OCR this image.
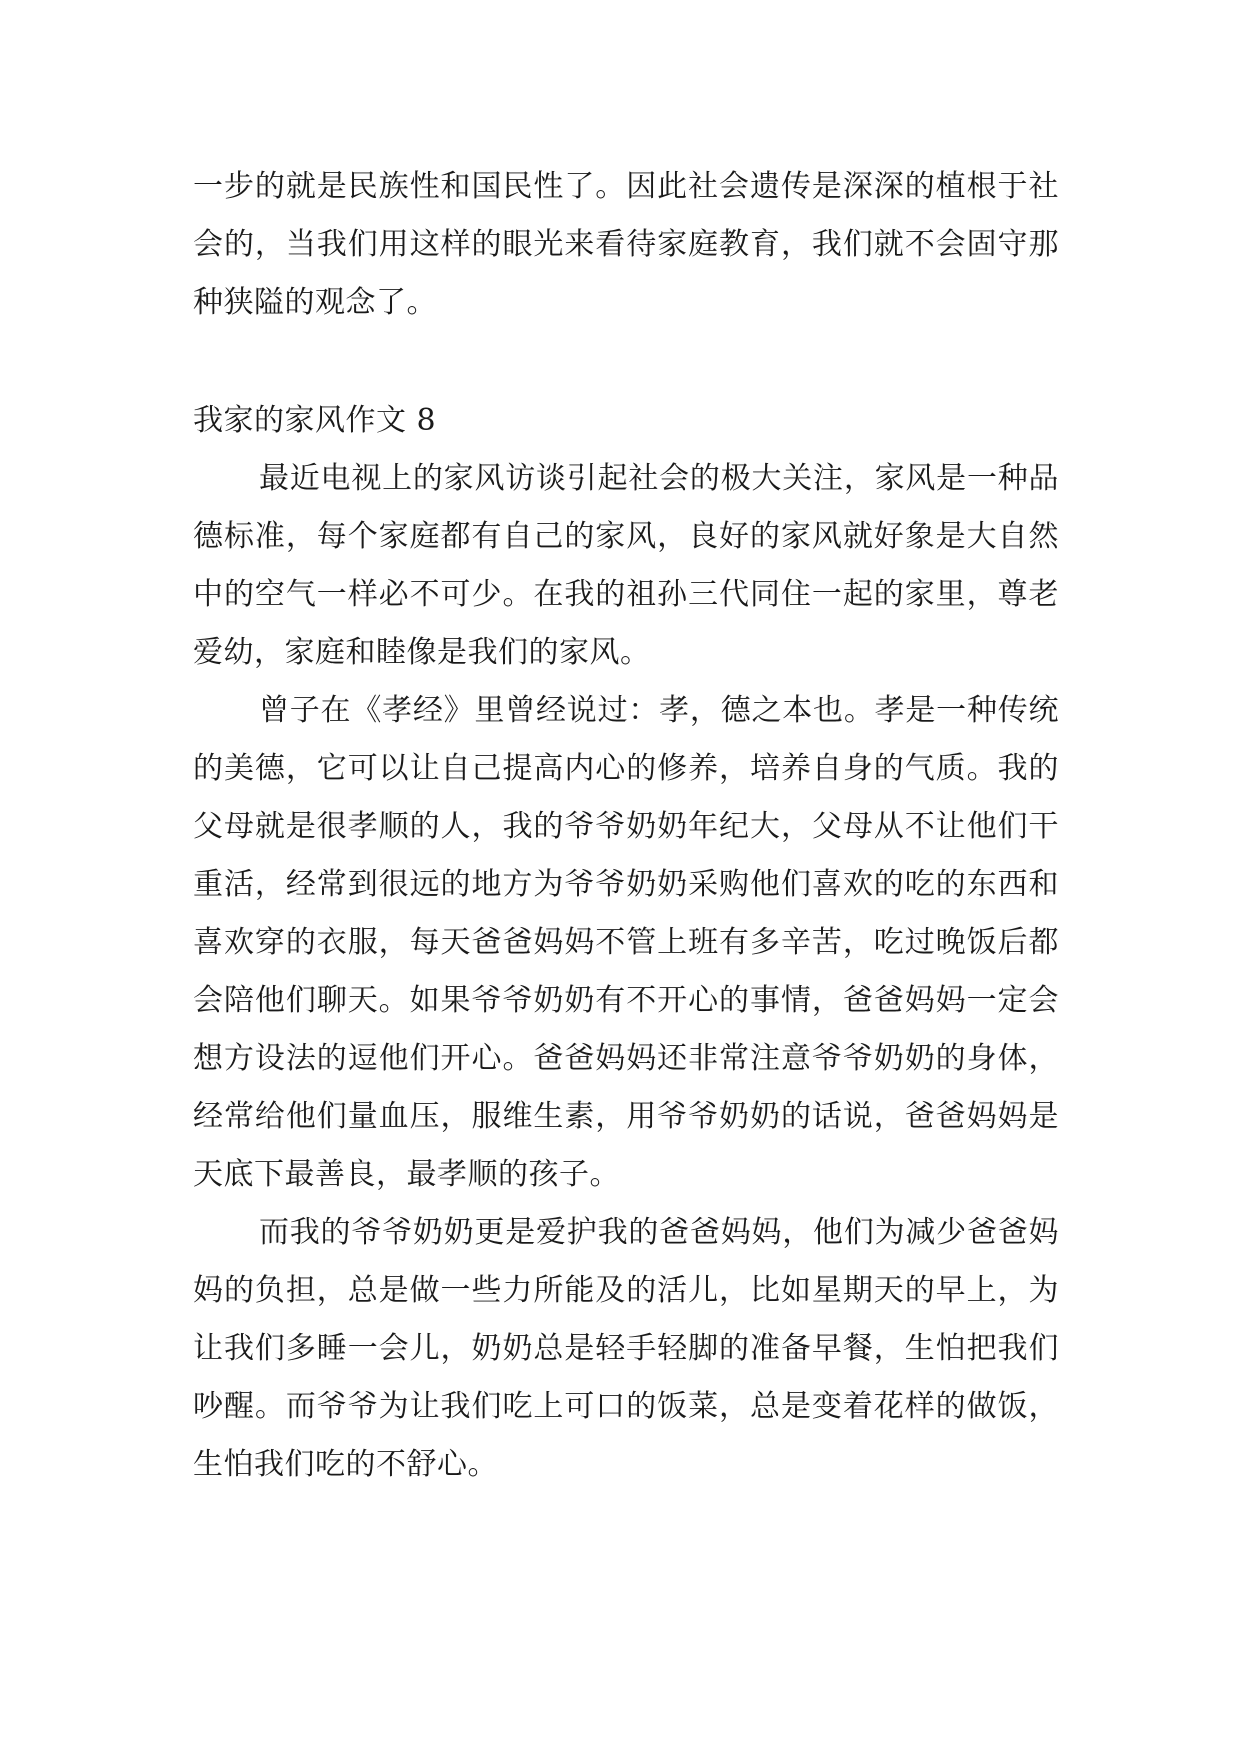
一步的就是民族性和国民性了。因此社会遗传是深深的植根于社会的，当我们用这样的眼光来看待家庭教育，我们就不会固守那种狭隘的观念了。

我家的家风作文 8

最近电视上的家风访谈引起社会的极大关注，家风是一种品德标准，每个家庭都有自己的家风，良好的家风就好象是大自然中的空气一样必不可少。在我的祖孙三代同住一起的家里，尊老爱幼，家庭和睦像是我们的家风。

曾子在《孝经》里曾经说过：孝，德之本也。孝是一种传统的美德，它可以让自己提高内心的修养，培养自身的气质。我的父母就是很孝顺的人，我的爷爷奶奶年纪大，父母从不让他们干重活，经常到很远的地方为爷爷奶奶采购他们喜欢的吃的东西和喜欢穿的衣服，每天爸爸妈妈不管上班有多辛苦，吃过晚饭后都会陪他们聊天。如果爷爷奶奶有不开心的事情，爸爸妈妈一定会想方设法的逗他们开心。爸爸妈妈还非常注意爷爷奶奶的身体，经常给他们量血压，服维生素，用爷爷奶奶的话说，爸爸妈妈是天底下最善良，最孝顺的孩子。

而我的爷爷奶奶更是爱护我的爸爸妈妈，他们为减少爸爸妈妈的负担，总是做一些力所能及的活儿，比如星期天的早上，为让我们多睡一会儿，奶奶总是轻手轻脚的准备早餐，生怕把我们吵醒。而爷爷为让我们吃上可口的饭菜，总是变着花样的做饭，生怕我们吃的不舒心。
